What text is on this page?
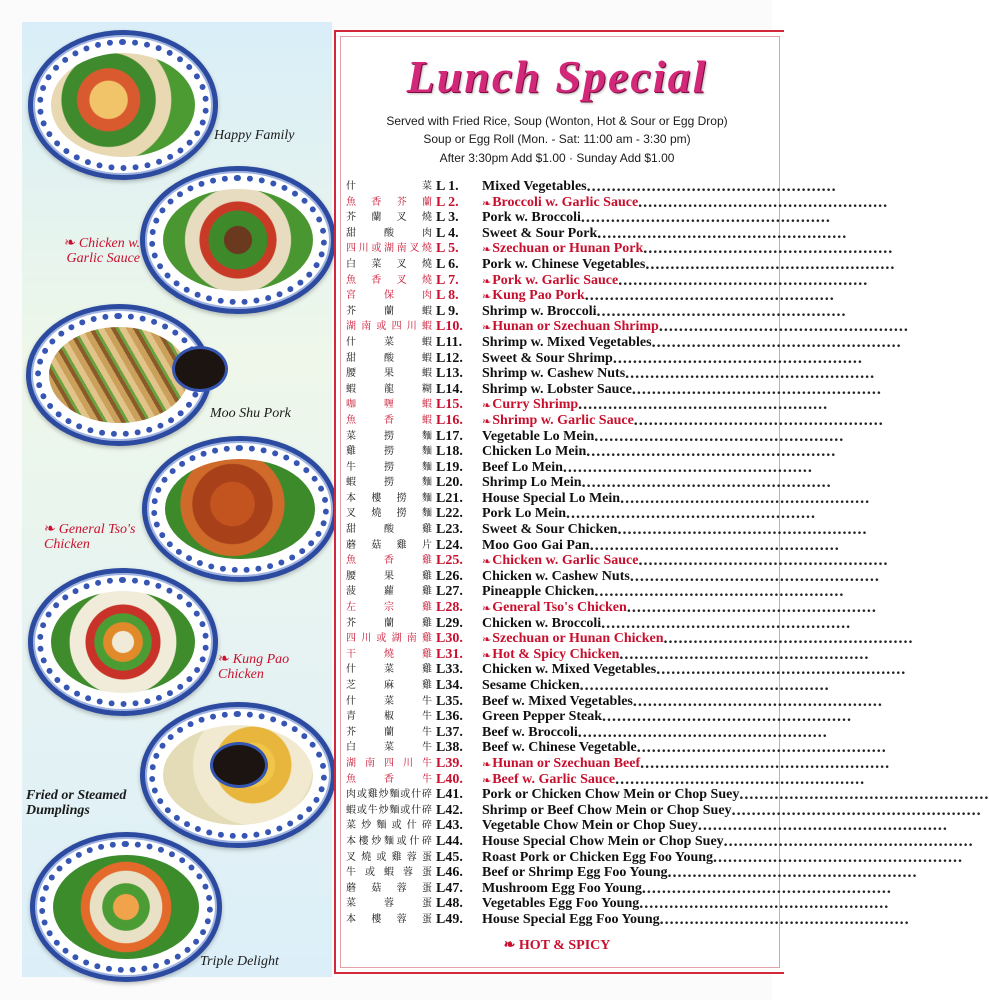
Happy Family
❧ Chicken w. Garlic Sauce
Moo Shu Pork
❧ General Tso's Chicken
❧ Kung Pao Chicken
Fried or Steamed Dumplings
Triple Delight
Lunch Special
Served with Fried Rice, Soup (Wonton, Hot & Sour or Egg Drop)
Soup or Egg Roll (Mon. - Sat: 11:00 am - 3:30 pm)
After 3:30pm Add $1.00 · Sunday Add $1.00
什 菜 L 1. Mixed Vegetables..................................................
魚香芥蘭 L 2. ❧Broccoli w. Garlic Sauce..................................................
芥蘭叉燒 L 3. Pork w. Broccoli..................................................
甜 酸 肉 L 4. Sweet & Sour Pork..................................................
四川或湖南叉燒 L 5. ❧Szechuan or Hunan Pork..................................................
白菜叉燒 L 6. Pork w. Chinese Vegetables..................................................
魚香叉燒 L 7. ❧Pork w. Garlic Sauce..................................................
宮 保 肉 L 8. ❧Kung Pao Pork..................................................
芥 蘭 蝦 L 9. Shrimp w. Broccoli..................................................
湖南或四川蝦 L10. ❧Hunan or Szechuan Shrimp..................................................
什 菜 蝦 L11. Shrimp w. Mixed Vegetables..................................................
甜 酸 蝦 L12. Sweet & Sour Shrimp..................................................
腰 果 蝦 L13. Shrimp w. Cashew Nuts..................................................
蝦 龍 糊 L14. Shrimp w. Lobster Sauce..................................................
咖 喱 蝦 L15. ❧Curry Shrimp..................................................
魚 香 蝦 L16. ❧Shrimp w. Garlic Sauce..................................................
菜 撈 麵 L17. Vegetable Lo Mein..................................................
雞 撈 麵 L18. Chicken Lo Mein..................................................
牛 撈 麵 L19. Beef Lo Mein..................................................
蝦 撈 麵 L20. Shrimp Lo Mein..................................................
本樓撈麵 L21. House Special Lo Mein..................................................
叉燒撈麵 L22. Pork Lo Mein..................................................
甜 酸 雞 L23. Sweet & Sour Chicken..................................................
蘑菇雞片 L24. Moo Goo Gai Pan..................................................
魚 香 雞 L25. ❧Chicken w. Garlic Sauce..................................................
腰 果 雞 L26. Chicken w. Cashew Nuts..................................................
菠 蘿 雞 L27. Pineapple Chicken..................................................
左 宗 雞 L28. ❧General Tso's Chicken..................................................
芥 蘭 雞 L29. Chicken w. Broccoli..................................................
四川或湖南雞 L30. ❧Szechuan or Hunan Chicken..................................................
干 燒 雞 L31. ❧Hot & Spicy Chicken..................................................
什 菜 雞 L33. Chicken w. Mixed Vegetables..................................................
芝 麻 雞 L34. Sesame Chicken..................................................
什 菜 牛 L35. Beef w. Mixed Vegetables..................................................
青 椒 牛 L36. Green Pepper Steak..................................................
芥 蘭 牛 L37. Beef w. Broccoli..................................................
白 菜 牛 L38. Beef w. Chinese Vegetable..................................................
湖南四川牛 L39. ❧Hunan or Szechuan Beef..................................................
魚 香 牛 L40. ❧Beef w. Garlic Sauce..................................................
肉或雞炒麵或什碎 L41. Pork or Chicken Chow Mein or Chop Suey..................................................
蝦或牛炒麵或什碎 L42. Shrimp or Beef Chow Mein or Chop Suey..................................................
菜炒麵或什碎 L43. Vegetable Chow Mein or Chop Suey..................................................
本樓炒麵或什碎 L44. House Special Chow Mein or Chop Suey..................................................
叉燒或雞蓉蛋 L45. Roast Pork or Chicken Egg Foo Young..................................................
牛或蝦蓉蛋 L46. Beef or Shrimp Egg Foo Young..................................................
蘑菇蓉蛋 L47. Mushroom Egg Foo Young..................................................
菜 蓉 蛋 L48. Vegetables Egg Foo Young..................................................
本樓蓉蛋 L49. House Special Egg Foo Young..................................................
❧ HOT & SPICY
